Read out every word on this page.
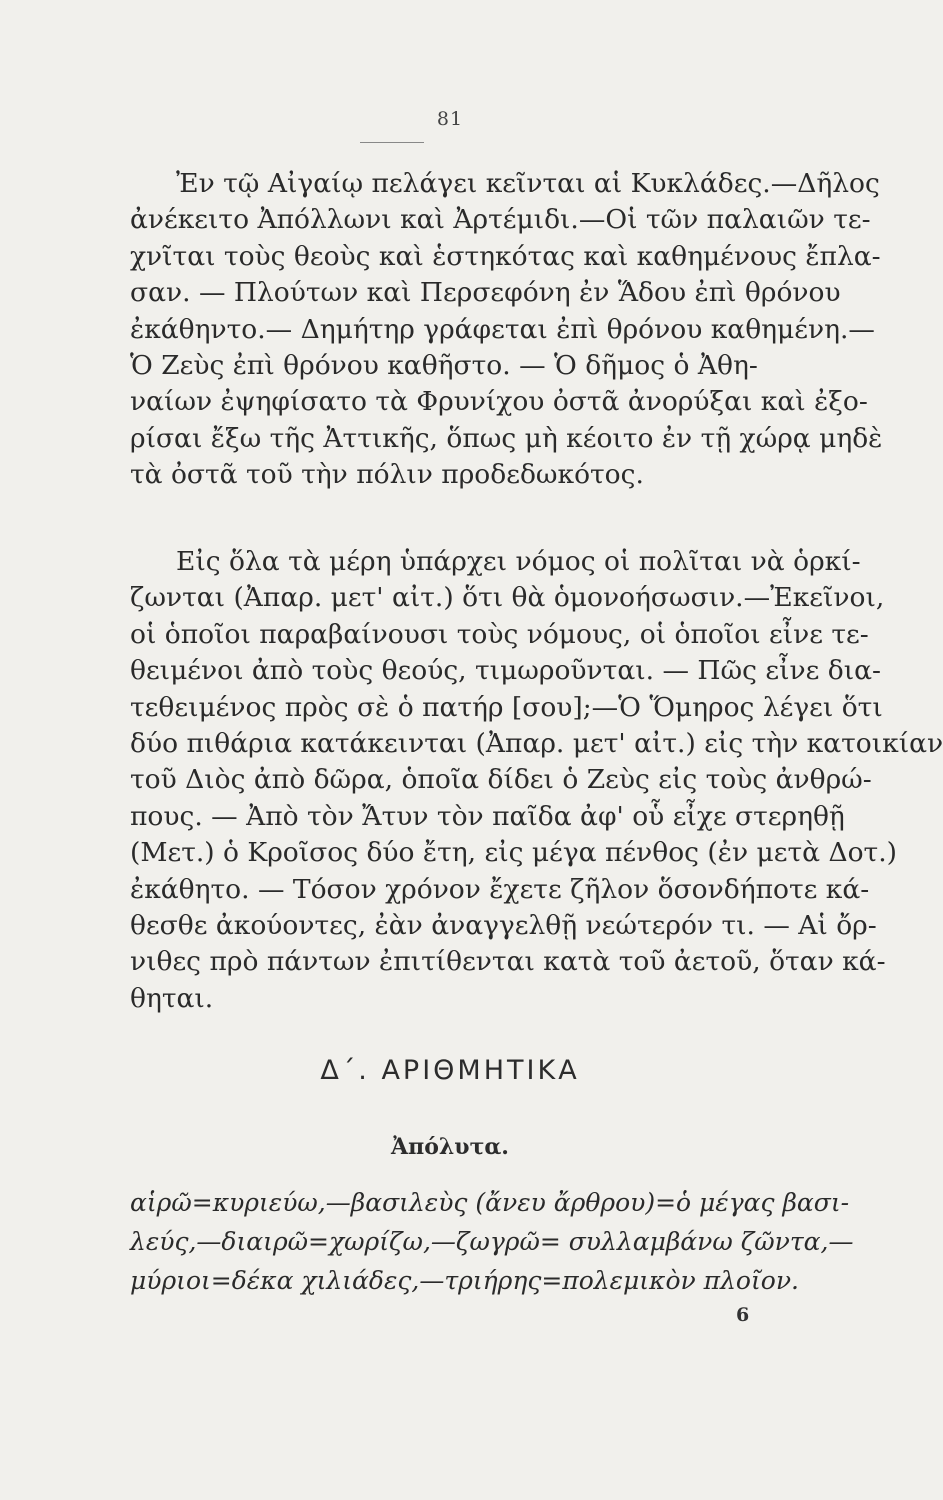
81
Ἐν τῷ Αἰγαίῳ πελάγει κεῖνται αἱ Κυκλάδες.—Δῆλος
ἀνέκειτο Ἀπόλλωνι καὶ Ἀρτέμιδι.—Οἱ τῶν παλαιῶν τε-
χνῖται τοὺς θεοὺς καὶ ἑστηκότας καὶ καθημένους ἔπλα-
σαν. — Πλούτων καὶ Περσεφόνη ἐν Ἅδου ἐπὶ θρόνου
ἐκάθηντο.— Δημήτηρ γράφεται ἐπὶ θρόνου καθημένη.—
Ὁ Ζεὺς ἐπὶ θρόνου καθῆστο. — Ὁ δῆμος ὁ Ἀθη-
ναίων ἐψηφίσατο τὰ Φρυνίχου ὀστᾶ ἀνορύξαι καὶ ἐξο-
ρίσαι ἔξω τῆς Ἀττικῆς, ὅπως μὴ κέοιτο ἐν τῇ χώρᾳ μηδὲ
τὰ ὀστᾶ τοῦ τὴν πόλιν προδεδωκότος.
Εἰς ὅλα τὰ μέρη ὑπάρχει νόμος οἱ πολῖται νὰ ὁρκί-
ζωνται (Ἀπαρ. μετ' αἰτ.) ὅτι θὰ ὁμονοήσωσιν.—Ἐκεῖνοι,
οἱ ὁποῖοι παραβαίνουσι τοὺς νόμους, οἱ ὁποῖοι εἶνε τε-
θειμένοι ἀπὸ τοὺς θεούς, τιμωροῦνται. — Πῶς εἶνε δια-
τεθειμένος πρὸς σὲ ὁ πατήρ [σου];—Ὁ Ὅμηρος λέγει ὅτι
δύο πιθάρια κατάκεινται (Ἀπαρ. μετ' αἰτ.) εἰς τὴν κατοικίαν
τοῦ Διὸς ἀπὸ δῶρα, ὁποῖα δίδει ὁ Ζεὺς εἰς τοὺς ἀνθρώ-
πους. — Ἀπὸ τὸν Ἄτυν τὸν παῖδα ἀφ' οὗ εἶχε στερηθῇ
(Μετ.) ὁ Κροῖσος δύο ἔτη, εἰς μέγα πένθος (ἐν μετὰ Δοτ.)
ἐκάθητο. — Τόσον χρόνον ἔχετε ζῆλον ὅσονδήποτε κά-
θεσθε ἀκούοντες, ἐὰν ἀναγγελθῇ νεώτερόν τι. — Αἱ ὄρ-
νιθες πρὸ πάντων ἐπιτίθενται κατὰ τοῦ ἀετοῦ, ὅταν κά-
θηται.
Δ΄. ΑΡΙΘΜΗΤΙΚΑ
Ἀπόλυτα.
αἱρῶ=κυριεύω,—βασιλεὺς (ἄνευ ἄρθρου)=ὁ μέγας βασι-
λεύς,—διαιρῶ=χωρίζω,—ζωγρῶ= συλλαμβάνω ζῶντα,—
μύριοι=δέκα χιλιάδες,—τριήρης=πολεμικὸν πλοῖον.
6
